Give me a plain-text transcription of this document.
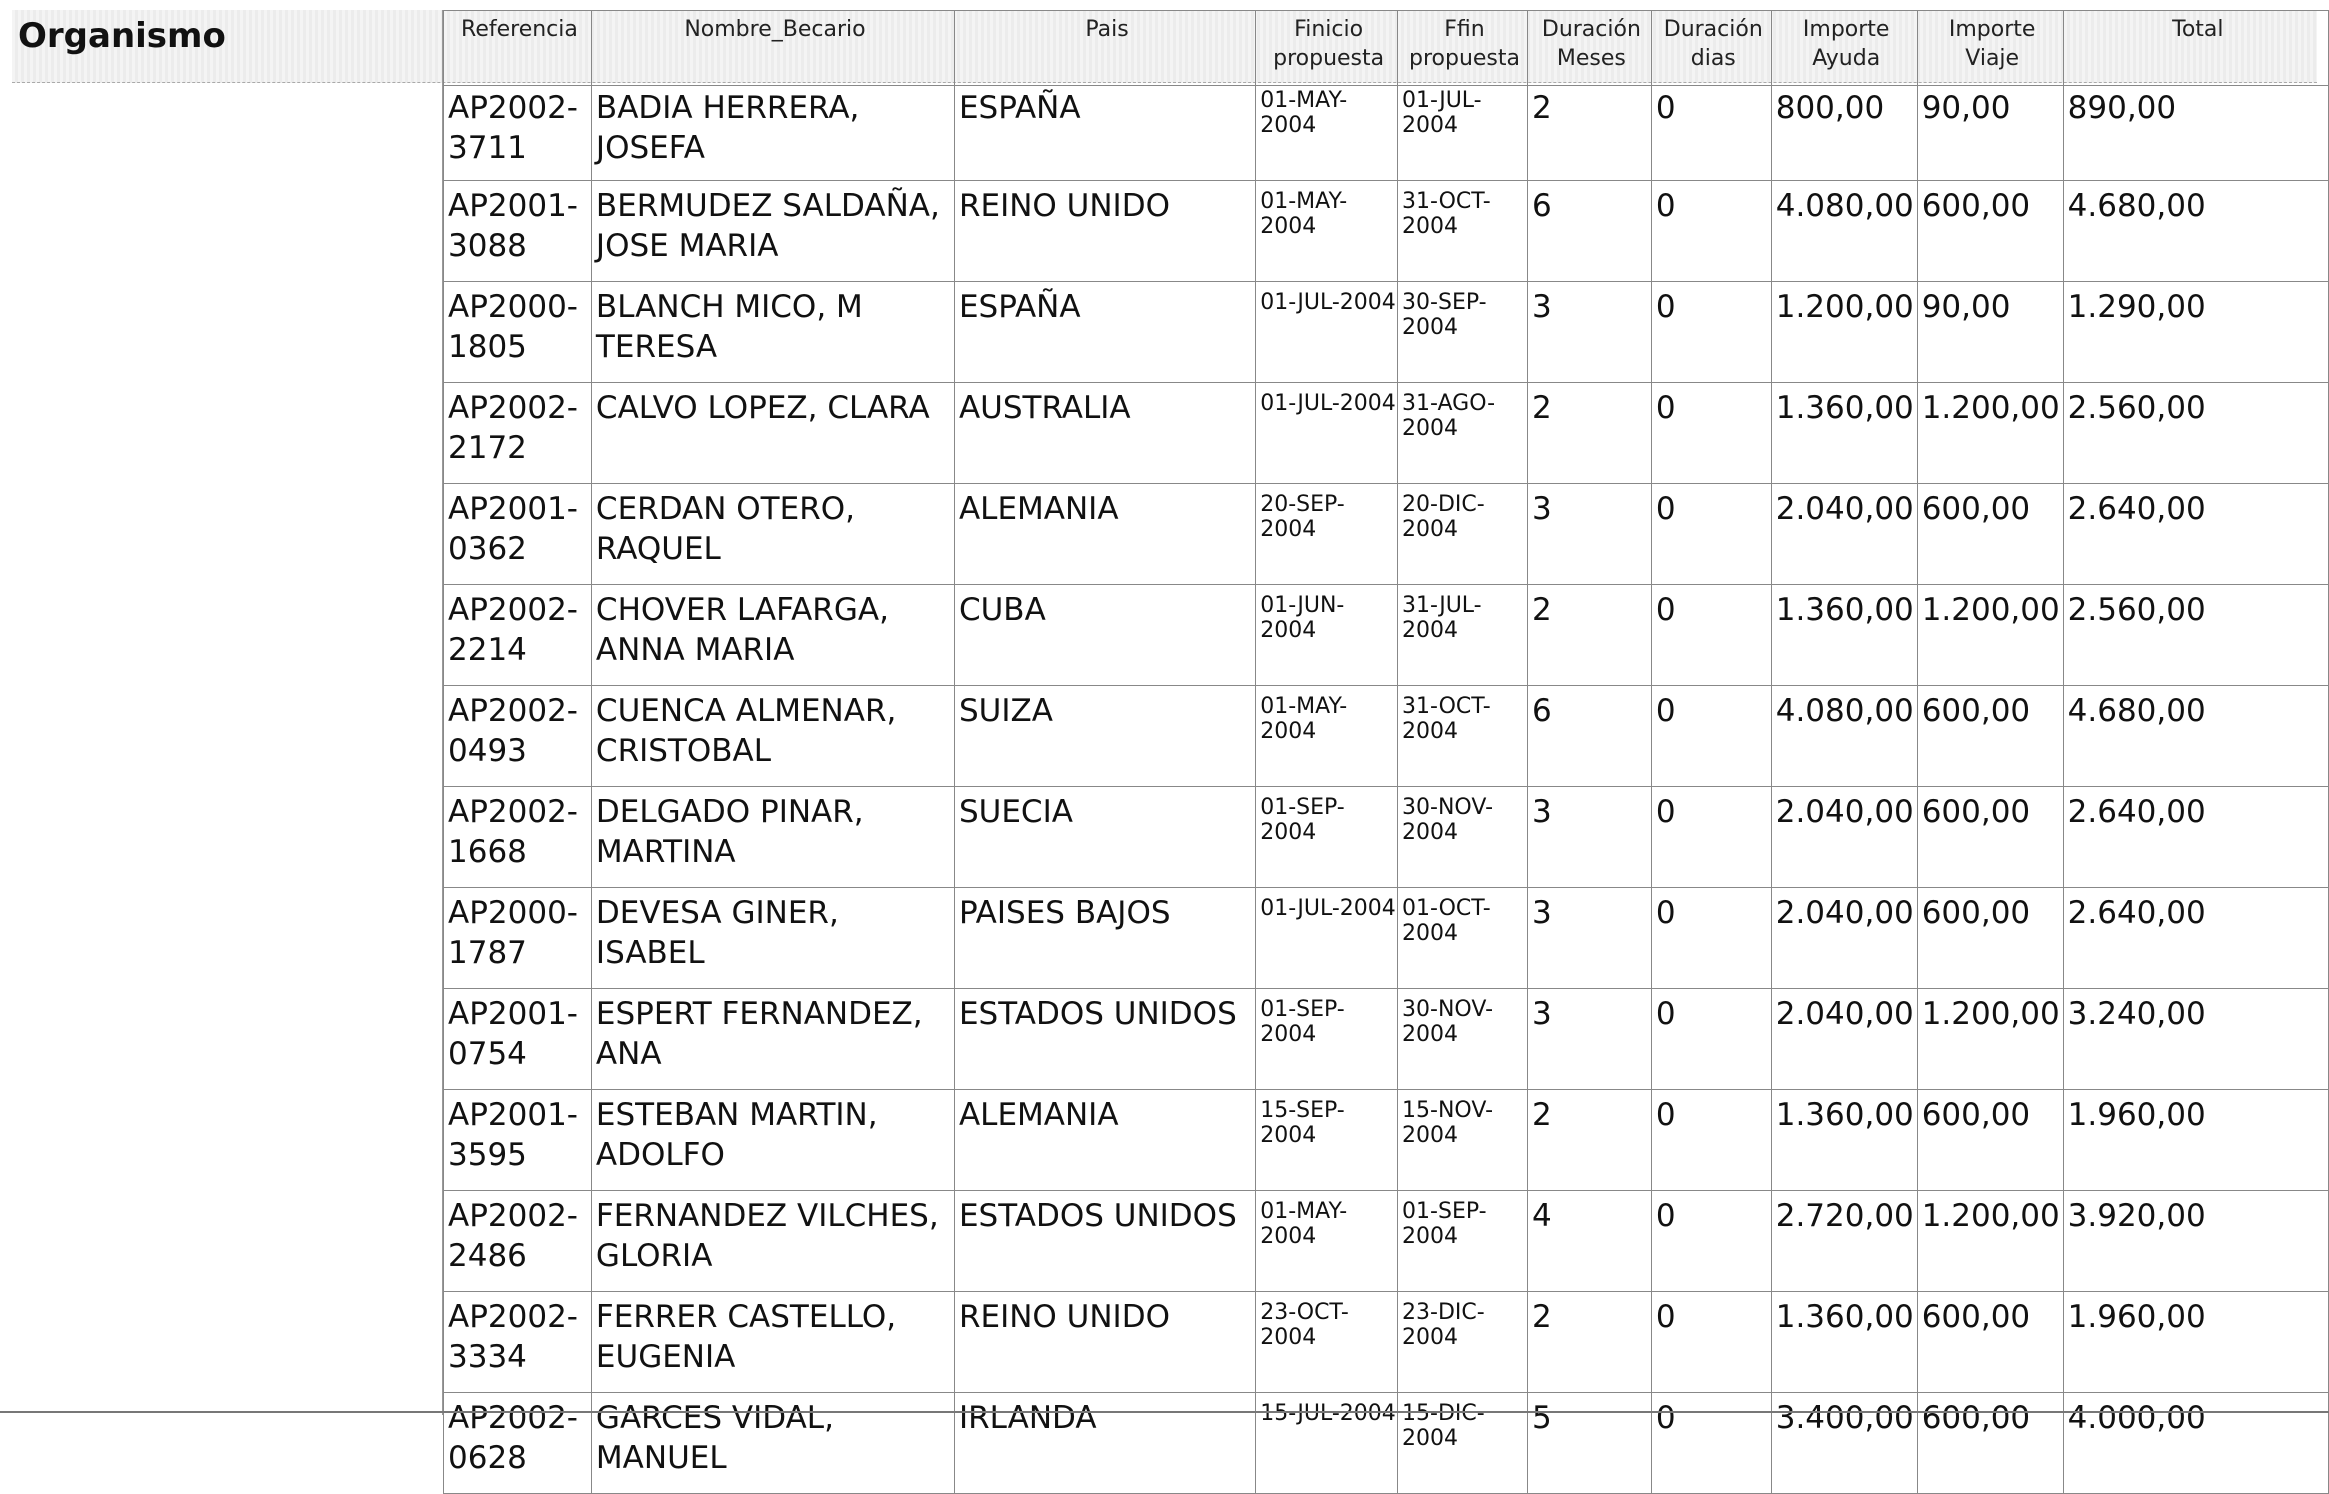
Organismo	Referencia	Nombre_Becario	Pais	Finicio propuesta	Ffin propuesta	Duración Meses	Duración dias	Importe Ayuda	Importe Viaje	Total
AP2002-3711	BADIA HERRERA, JOSEFA	ESPAÑA	01-MAY-2004	01-JUL-2004	2	0	800,00	90,00	890,00
AP2001-3088	BERMUDEZ SALDAÑA, JOSE MARIA	REINO UNIDO	01-MAY-2004	31-OCT-2004	6	0	4.080,00	600,00	4.680,00
AP2000-1805	BLANCH MICO, M TERESA	ESPAÑA	01-JUL-2004	30-SEP-2004	3	0	1.200,00	90,00	1.290,00
AP2002-2172	CALVO LOPEZ, CLARA	AUSTRALIA	01-JUL-2004	31-AGO-2004	2	0	1.360,00	1.200,00	2.560,00
AP2001-0362	CERDAN OTERO, RAQUEL	ALEMANIA	20-SEP-2004	20-DIC-2004	3	0	2.040,00	600,00	2.640,00
AP2002-2214	CHOVER LAFARGA, ANNA MARIA	CUBA	01-JUN-2004	31-JUL-2004	2	0	1.360,00	1.200,00	2.560,00
AP2002-0493	CUENCA ALMENAR, CRISTOBAL	SUIZA	01-MAY-2004	31-OCT-2004	6	0	4.080,00	600,00	4.680,00
AP2002-1668	DELGADO PINAR, MARTINA	SUECIA	01-SEP-2004	30-NOV-2004	3	0	2.040,00	600,00	2.640,00
AP2000-1787	DEVESA GINER, ISABEL	PAISES BAJOS	01-JUL-2004	01-OCT-2004	3	0	2.040,00	600,00	2.640,00
AP2001-0754	ESPERT FERNANDEZ, ANA	ESTADOS UNIDOS	01-SEP-2004	30-NOV-2004	3	0	2.040,00	1.200,00	3.240,00
AP2001-3595	ESTEBAN MARTIN, ADOLFO	ALEMANIA	15-SEP-2004	15-NOV-2004	2	0	1.360,00	600,00	1.960,00
AP2002-2486	FERNANDEZ VILCHES, GLORIA	ESTADOS UNIDOS	01-MAY-2004	01-SEP-2004	4	0	2.720,00	1.200,00	3.920,00
AP2002-3334	FERRER CASTELLO, EUGENIA	REINO UNIDO	23-OCT-2004	23-DIC-2004	2	0	1.360,00	600,00	1.960,00
AP2002-0628	GARCES VIDAL, MANUEL	IRLANDA	15-JUL-2004	15-DIC-2004	5	0	3.400,00	600,00	4.000,00
